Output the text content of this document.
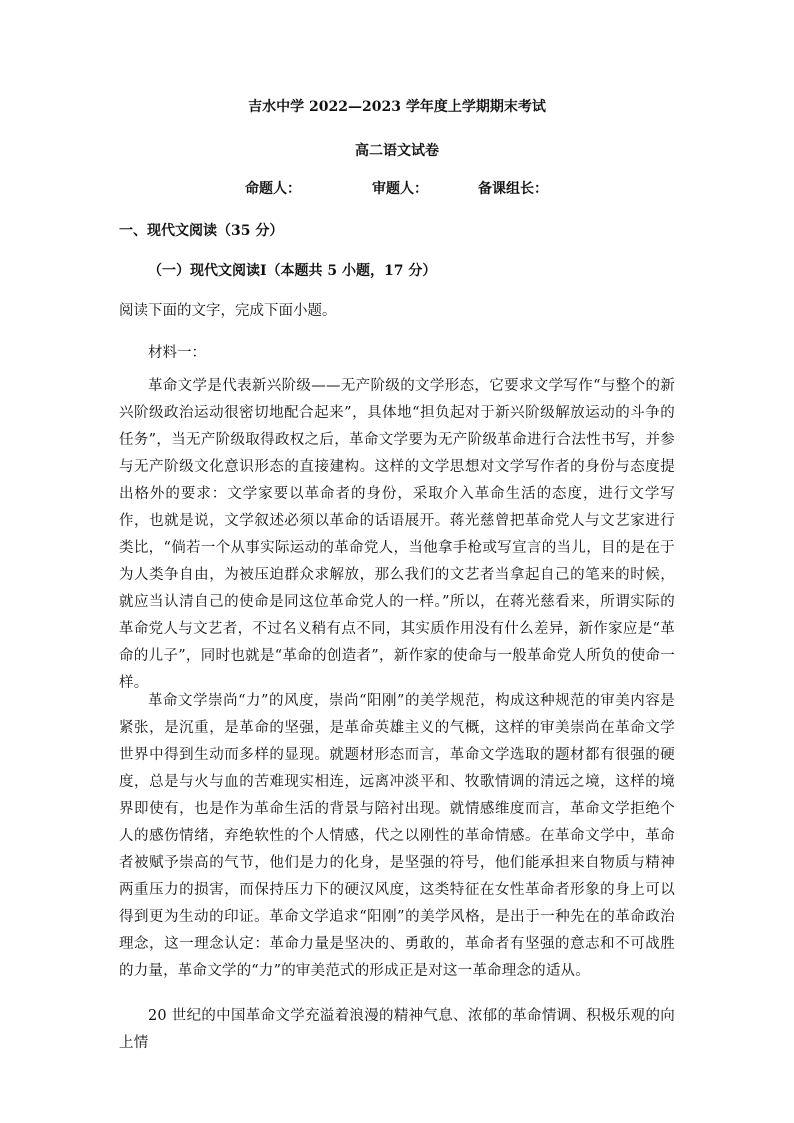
吉水中学 2022—2023 学年度上学期期末考试
高二语文试卷
命题人：	审题人：	备课组长：
一、现代文阅读（35 分）
（一）现代文阅读Ⅰ（本题共 5 小题，17 分）
阅读下面的文字，完成下面小题。
材料一：
革命文学是代表新兴阶级——无产阶级的文学形态，它要求文学写作“与整个的新兴阶级政治运动很密切地配合起来”，具体地“担负起对于新兴阶级解放运动的斗争的任务”，当无产阶级取得政权之后，革命文学要为无产阶级革命进行合法性书写，并参与无产阶级文化意识形态的直接建构。这样的文学思想对文学写作者的身份与态度提出格外的要求：文学家要以革命者的身份，采取介入革命生活的态度，进行文学写作，也就是说，文学叙述必须以革命的话语展开。蒋光慈曾把革命党人与文艺家进行类比，“倘若一个从事实际运动的革命党人，当他拿手枪或写宣言的当儿，目的是在于为人类争自由，为被压迫群众求解放，那么我们的文艺者当拿起自己的笔来的时候，就应当认清自己的使命是同这位革命党人的一样。”所以，在蒋光慈看来，所谓实际的革命党人与文艺者，不过名义稍有点不同，其实质作用没有什么差异，新作家应是“革命的儿子”，同时也就是“革命的创造者”，新作家的使命与一般革命党人所负的使命一样。
革命文学崇尚“力”的风度，崇尚“阳刚”的美学规范，构成这种规范的审美内容是紧张，是沉重，是革命的坚强，是革命英雄主义的气概，这样的审美崇尚在革命文学世界中得到生动而多样的显现。就题材形态而言，革命文学选取的题材都有很强的硬度，总是与火与血的苦难现实相连，远离冲淡平和、牧歌情调的清远之境，这样的境界即使有，也是作为革命生活的背景与陪衬出现。就情感维度而言，革命文学拒绝个人的感伤情绪，弃绝软性的个人情感，代之以刚性的革命情感。在革命文学中，革命者被赋予崇高的气节，他们是力的化身，是坚强的符号，他们能承担来自物质与精神两重压力的损害，而保持压力下的硬汉风度，这类特征在女性革命者形象的身上可以得到更为生动的印证。革命文学追求“阳刚”的美学风格，是出于一种先在的革命政治理念，这一理念认定：革命力量是坚决的、勇敢的，革命者有坚强的意志和不可战胜的力量，革命文学的“力”的审美范式的形成正是对这一革命理念的适从。
20 世纪的中国革命文学充溢着浪漫的精神气息、浓郁的革命情调、积极乐观的向上情
